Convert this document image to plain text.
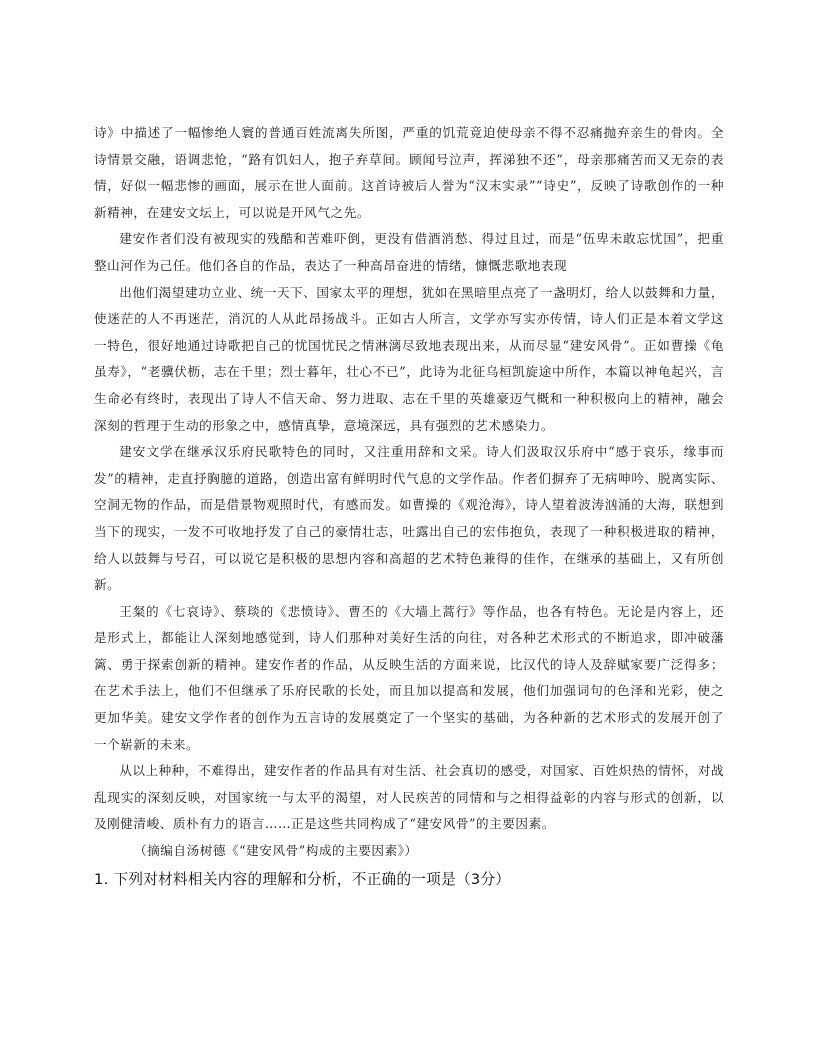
诗》中描述了一幅惨绝人寰的普通百姓流离失所图，严重的饥荒竟迫使母亲不得不忍痛抛弃亲生的骨肉。全诗情景交融，语调悲怆，“路有饥妇人，抱子弃草间。顾闻号泣声，挥涕独不还”，母亲那痛苦而又无奈的表情，好似一幅悲惨的画面，展示在世人面前。这首诗被后人誉为“汉末实录”“诗史”，反映了诗歌创作的一种新精神，在建安文坛上，可以说是开风气之先。

建安作者们没有被现实的残酷和苦难吓倒，更没有借酒消愁、得过且过，而是“伍卑未敢忘忧国”，把重整山河作为己任。他们各自的作品，表达了一种高昂奋进的情绪，慷慨悲歌地表现

出他们渴望建功立业、统一天下、国家太平的理想，犹如在黑暗里点亮了一盏明灯，给人以鼓舞和力量，使迷茫的人不再迷茫，消沉的人从此昂扬战斗。正如古人所言，文学亦写实亦传情，诗人们正是本着文学这一特色，很好地通过诗歌把自己的忧国忧民之情淋漓尽致地表现出来，从而尽显“建安风骨”。正如曹操《龟虽寿》，“老骥伏枥，志在千里；烈士暮年，壮心不已”，此诗为北征乌桓凯旋途中所作，本篇以神龟起兴，言生命必有终时，表现出了诗人不信天命、努力进取、志在千里的英雄豪迈气概和一种积极向上的精神，融会深刻的哲理于生动的形象之中，感情真挚，意境深远，具有强烈的艺术感染力。

建安文学在继承汉乐府民歌特色的同时，又注重用辞和文采。诗人们汲取汉乐府中“感于哀乐，缘事而发”的精神，走直抒胸臆的道路，创造出富有鲜明时代气息的文学作品。作者们摒弃了无病呻吟、脱离实际、空洞无物的作品，而是借景物观照时代，有感而发。如曹操的《观沧海》，诗人望着波涛汹涌的大海，联想到当下的现实，一发不可收地抒发了自己的豪情壮志，吐露出自己的宏伟抱负，表现了一种积极进取的精神，给人以鼓舞与号召，可以说它是积极的思想内容和高超的艺术特色兼得的佳作，在继承的基础上，又有所创新。

王粲的《七哀诗》、蔡琰的《悲愤诗》、曹丕的《大墙上蒿行》等作品，也各有特色。无论是内容上，还是形式上，都能让人深刻地感觉到，诗人们那种对美好生活的向往，对各种艺术形式的不断追求，即冲破藩篱、勇于探索创新的精神。建安作者的作品，从反映生活的方面来说，比汉代的诗人及辞赋家要广泛得多；在艺术手法上，他们不但继承了乐府民歌的长处，而且加以提高和发展，他们加强词句的色泽和光彩，使之更加华美。建安文学作者的创作为五言诗的发展奠定了一个坚实的基础，为各种新的艺术形式的发展开创了一个崭新的未来。

从以上种种，不难得出，建安作者的作品具有对生活、社会真切的感受，对国家、百姓炽热的情怀，对战乱现实的深刻反映，对国家统一与太平的渴望，对人民疾苦的同情和与之相得益彰的内容与形式的创新，以及刚健清峻、质朴有力的语言……正是这些共同构成了“建安风骨”的主要因素。

（摘编自汤树德《“建安风骨”构成的主要因素》）

1. 下列对材料相关内容的理解和分析，不正确的一项是（3分）
